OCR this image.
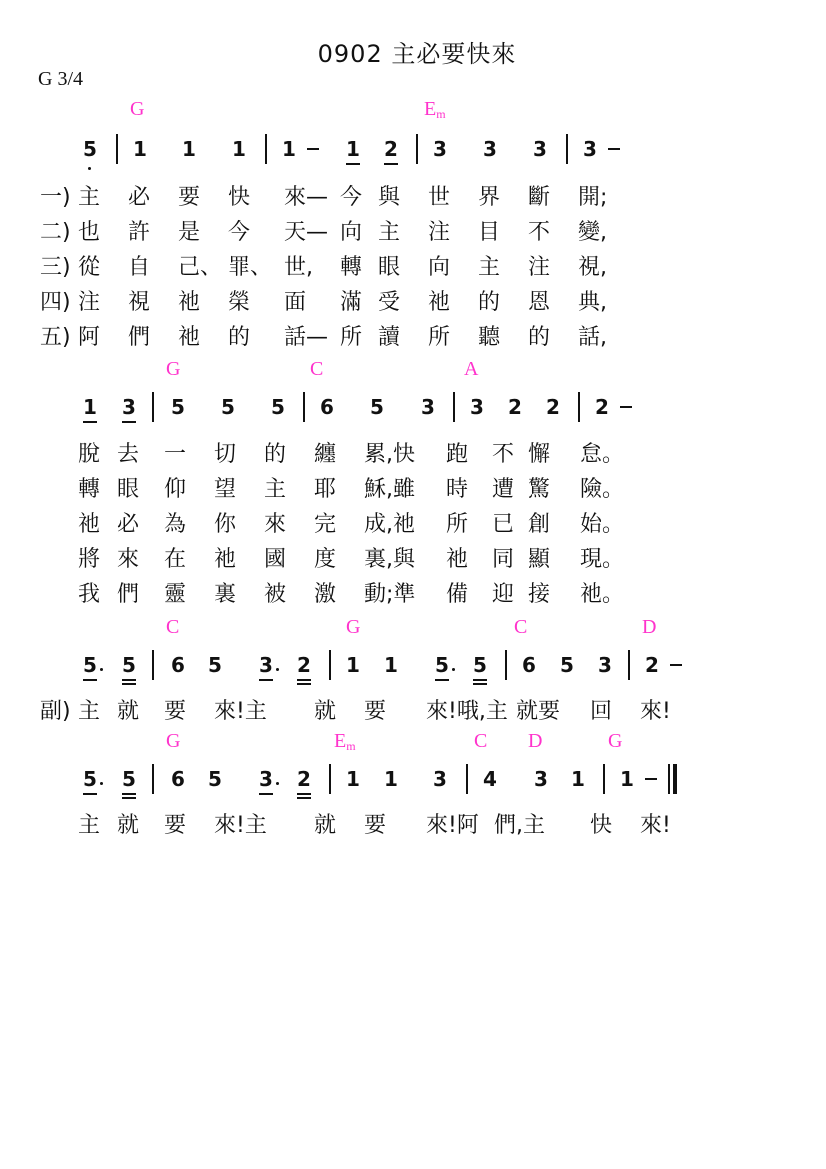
0902 主必要快來
G 3/4
G	$E_m$
5 1 1 1 1	1 2 3 3 3 3
一) 主 必 要 快 來— 今 與 世 界 斷 開;
二) 也 許 是 今 天— 向 主 注 目 不 變,
三) 從 自 己、 罪、 世, 轉 眼 向 主 注 視,
四) 注 視 祂 榮 面 滿 受 祂 的 恩 典,
五) 阿 們 祂 的 話— 所 讀 所 聽 的 話,
G	C	A
1 3 5 5 5 6 5 3 3 2 2 2
脫 去 一 切 的 纏 累,快 跑 不 懈 怠。
轉 眼 仰 望 主 耶 穌,雖 時 遭 驚 險。
祂 必 為 你 來 完 成,祂 所 已 創 始。
將 來 在 祂 國 度 裏,與 祂 同 顯 現。
我 們 靈 裏 被 激 動;準 備 迎 接 祂。
C	G	C	D
5 5 6 5 3 2 1 1 5 5 6 5 3 2
副) 主 就 要 來!主 就 要 來!哦,主 就要 回 來!
G	$E_m$	C D	G
5 5 6 5 3 2 1 1 3 4 3 1 1
主 就 要 來!主 就 要 來!阿 們,主 快 來!
